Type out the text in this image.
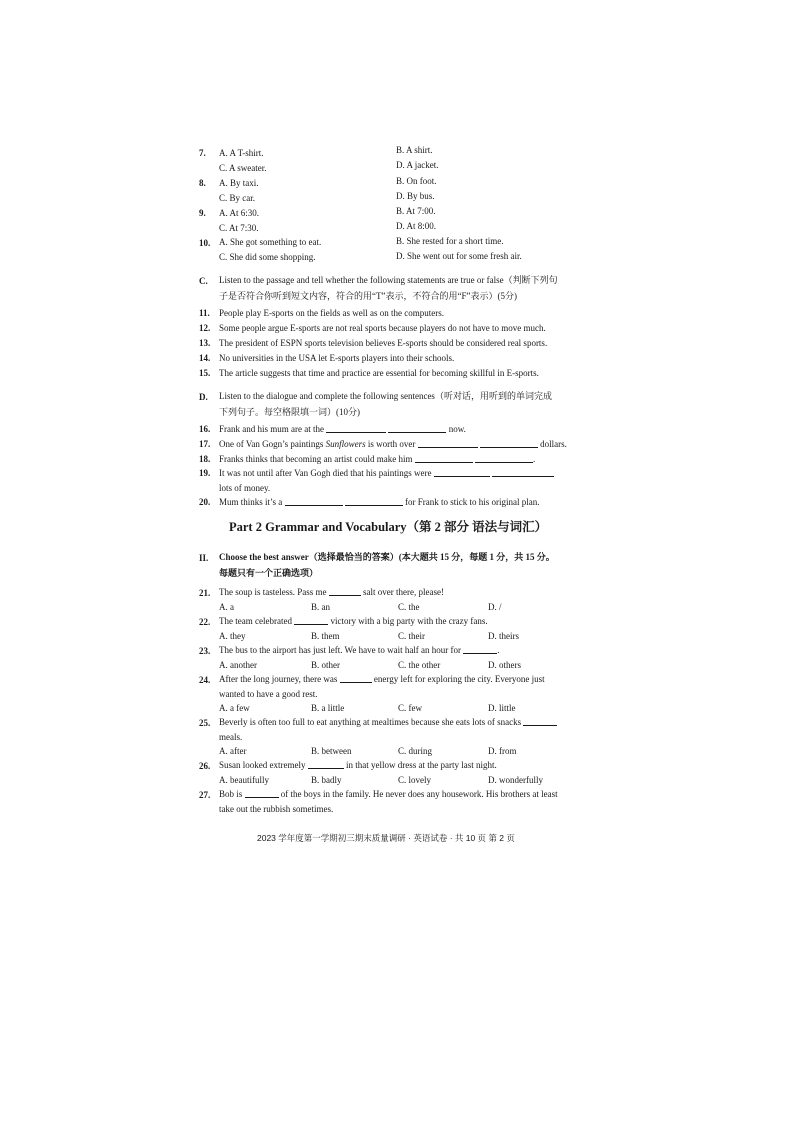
7. A. A T-shirt.	B. A shirt.
C. A sweater.	D. A jacket.
8. A. By taxi.	B. On foot.
C. By car.	D. By bus.
9. A. At 6:30.	B. At 7:00.
C. At 7:30.	D. At 8:00.
10. A. She got something to eat.	B. She rested for a short time.
C. She did some shopping.	D. She went out for some fresh air.
C. Listen to the passage and tell whether the following statements are true or false（判断下列句
子是否符合你听到短文内容，符合的用“T”表示，不符合的用“F”表示）(5分)
11. People play E-sports on the fields as well as on the computers.
12. Some people argue E-sports are not real sports because players do not have to move much.
13. The president of ESPN sports television believes E-sports should be considered real sports.
14. No universities in the USA let E-sports players into their schools.
15. The article suggests that time and practice are essential for becoming skillful in E-sports.
D. Listen to the dialogue and complete the following sentences（听对话，用听到的单词完成
下列句子。每空格限填一词）(10分)
16. Frank and his mum are at the	now.
17. One of Van Gogn’s paintings Sunflowers is worth over	dollars.
18. Franks thinks that becoming an artist could make him	.
19. It was not until after Van Gogh died that his paintings were
lots of money.
20. Mum thinks it’s a	for Frank to stick to his original plan.
Part 2 Grammar and Vocabulary（第 2 部分 语法与词汇）
II. Choose the best answer（选择最恰当的答案）(本大题共 15 分，每题 1 分，共 15 分。
每题只有一个正确选项）
21. The soup is tasteless. Pass me	salt over there, please!
A. a	B. an	C. the	D. /
22. The team celebrated	victory with a big party with the crazy fans.
A. they	B. them	C. their	D. theirs
23. The bus to the airport has just left. We have to wait half an hour for	.
A. another	B. other	C. the other	D. others
24. After the long journey, there was	energy left for exploring the city. Everyone just
wanted to have a good rest.
A. a few	B. a little	C. few	D. little
25. Beverly is often too full to eat anything at mealtimes because she eats lots of snacks
meals.
A. after	B. between	C. during	D. from
26. Susan looked extremely	in that yellow dress at the party last night.
A. beautifully	B. badly	C. lovely	D. wonderfully
27. Bob is	of the boys in the family. He never does any housework. His brothers at least
take out the rubbish sometimes.
2023 学年度第一学期初三期末质量调研 · 英语试卷 · 共 10 页 第 2 页
